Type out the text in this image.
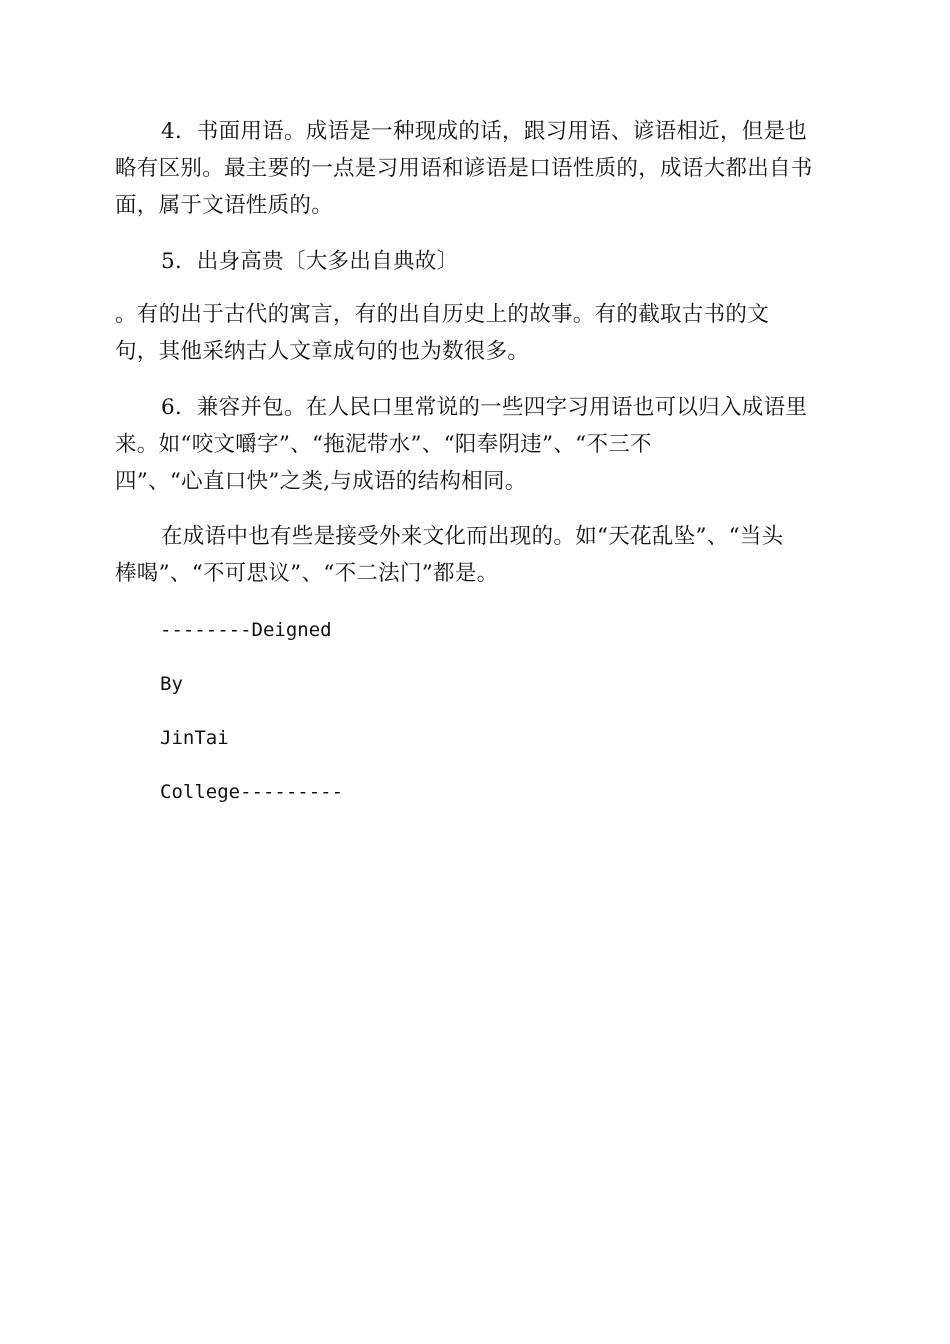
4．书面用语。成语是一种现成的话，跟习用语、谚语相近，但是也
略有区别。最主要的一点是习用语和谚语是口语性质的，成语大都出自书
面，属于文语性质的。
5．出身高贵〔大多出自典故〕
。有的出于古代的寓言，有的出自历史上的故事。有的截取古书的文
句，其他采纳古人文章成句的也为数很多。
6．兼容并包。在人民口里常说的一些四字习用语也可以归入成语里
来。如“咬文嚼字”、“拖泥带水”、“阳奉阴违”、“不三不
四”、“心直口快”之类,与成语的结构相同。
在成语中也有些是接受外来文化而出现的。如“天花乱坠”、“当头
棒喝”、“不可思议”、“不二法门”都是。

--------Deigned

By

JinTai

College---------
